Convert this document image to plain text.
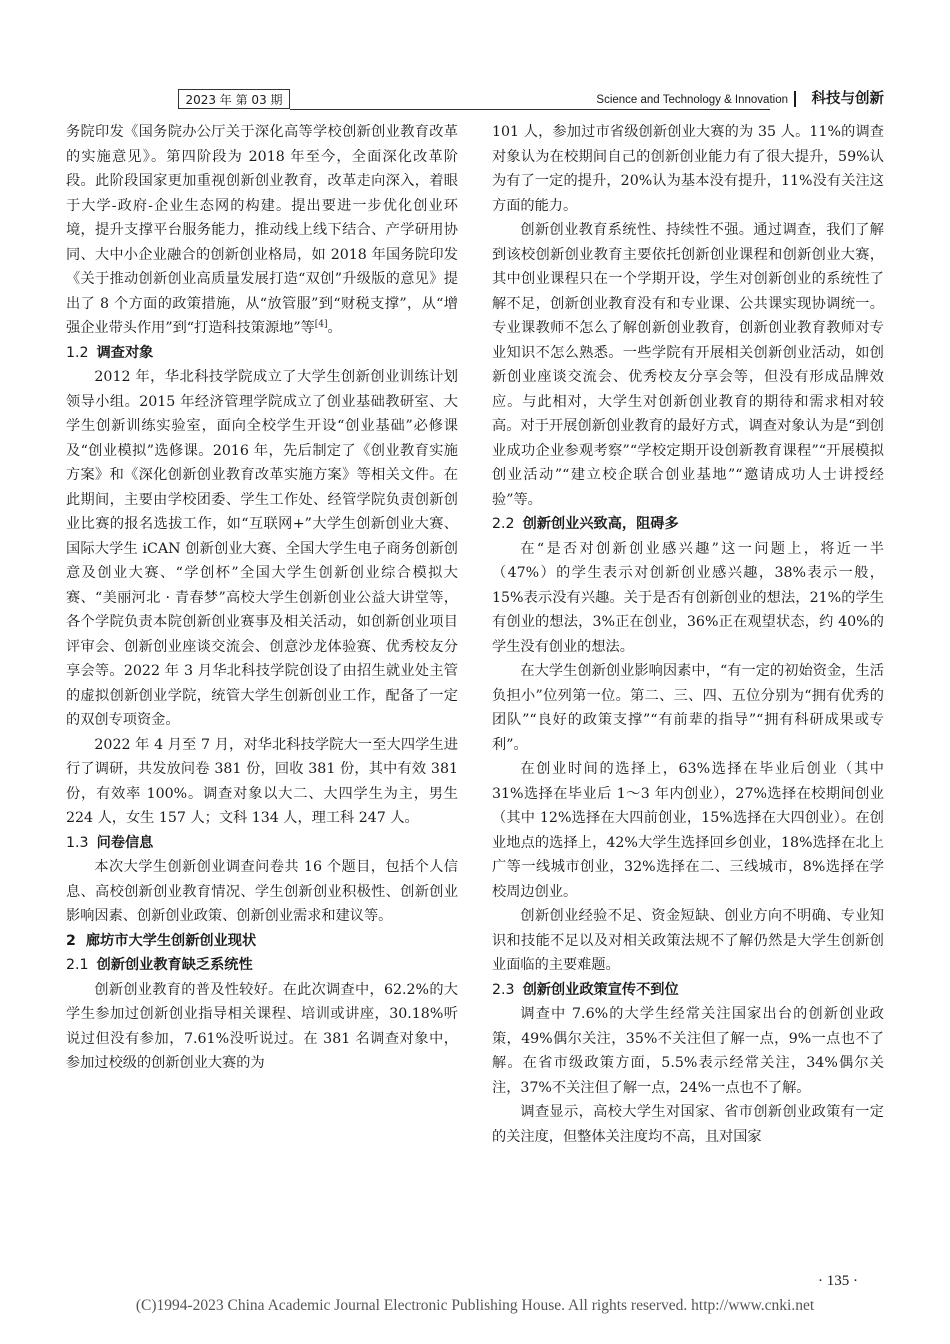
2023 年 第 03 期	Science and Technology & Innovation 科技与创新

务院印发《国务院办公厅关于深化高等学校创新创业教育改革的实施意见》。第四阶段为 2018 年至今，全面深化改革阶段。此阶段国家更加重视创新创业教育，改革走向深入，着眼于大学-政府-企业生态网的构建。提出要进一步优化创业环境，提升支撑平台服务能力，推动线上线下结合、产学研用协同、大中小企业融合的创新创业格局，如 2018 年国务院印发《关于推动创新创业高质量发展打造“双创”升级版的意见》提出了 8 个方面的政策措施，从“放管服”到“财税支撑”，从“增强企业带头作用”到“打造科技策源地”等[4]。

1.2 调查对象

2012 年，华北科技学院成立了大学生创新创业训练计划领导小组。2015 年经济管理学院成立了创业基础教研室、大学生创新训练实验室，面向全校学生开设“创业基础”必修课及“创业模拟”选修课。2016 年，先后制定了《创业教育实施方案》和《深化创新创业教育改革实施方案》等相关文件。在此期间，主要由学校团委、学生工作处、经管学院负责创新创业比赛的报名选拔工作，如“互联网+”大学生创新创业大赛、国际大学生 iCAN 创新创业大赛、全国大学生电子商务创新创意及创业大赛、“学创杯”全国大学生创新创业综合模拟大赛、“美丽河北 · 青春梦”高校大学生创新创业公益大讲堂等，各个学院负责本院创新创业赛事及相关活动，如创新创业项目评审会、创新创业座谈交流会、创意沙龙体验赛、优秀校友分享会等。2022 年 3 月华北科技学院创设了由招生就业处主管的虚拟创新创业学院，统管大学生创新创业工作，配备了一定的双创专项资金。

2022 年 4 月至 7 月，对华北科技学院大一至大四学生进行了调研，共发放问卷 381 份，回收 381 份，其中有效 381 份，有效率 100%。调查对象以大二、大四学生为主，男生 224 人，女生 157 人；文科 134 人，理工科 247 人。

1.3 问卷信息

本次大学生创新创业调查问卷共 16 个题目，包括个人信息、高校创新创业教育情况、学生创新创业积极性、创新创业影响因素、创新创业政策、创新创业需求和建议等。

2 廊坊市大学生创新创业现状
2.1 创新创业教育缺乏系统性

创新创业教育的普及性较好。在此次调查中，62.2%的大学生参加过创新创业指导相关课程、培训或讲座，30.18%听说过但没有参加，7.61%没听说过。在 381 名调查对象中，参加过校级的创新创业大赛的为

101 人，参加过市省级创新创业大赛的为 35 人。11%的调查对象认为在校期间自己的创新创业能力有了很大提升，59%认为有了一定的提升，20%认为基本没有提升，11%没有关注这方面的能力。

创新创业教育系统性、持续性不强。通过调查，我们了解到该校创新创业教育主要依托创新创业课程和创新创业大赛，其中创业课程只在一个学期开设，学生对创新创业的系统性了解不足，创新创业教育没有和专业课、公共课实现协调统一。专业课教师不怎么了解创新创业教育，创新创业教育教师对专业知识不怎么熟悉。一些学院有开展相关创新创业活动，如创新创业座谈交流会、优秀校友分享会等，但没有形成品牌效应。与此相对，大学生对创新创业教育的期待和需求相对较高。对于开展创新创业教育的最好方式，调查对象认为是“到创业成功企业参观考察”“学校定期开设创新教育课程”“开展模拟创业活动”“建立校企联合创业基地”“邀请成功人士讲授经验”等。

2.2 创新创业兴致高，阻碍多

在“是否对创新创业感兴趣”这一问题上，将近一半（47%）的学生表示对创新创业感兴趣，38%表示一般，15%表示没有兴趣。关于是否有创新创业的想法，21%的学生有创业的想法，3%正在创业，36%正在观望状态，约 40%的学生没有创业的想法。

在大学生创新创业影响因素中，“有一定的初始资金，生活负担小”位列第一位。第二、三、四、五位分别为“拥有优秀的团队”“良好的政策支撑”“有前辈的指导”“拥有科研成果或专利”。

在创业时间的选择上，63%选择在毕业后创业（其中 31%选择在毕业后 1～3 年内创业），27%选择在校期间创业（其中 12%选择在大四前创业，15%选择在大四创业）。在创业地点的选择上，42%大学生选择回乡创业，18%选择在北上广等一线城市创业，32%选择在二、三线城市，8%选择在学校周边创业。

创新创业经验不足、资金短缺、创业方向不明确、专业知识和技能不足以及对相关政策法规不了解仍然是大学生创新创业面临的主要难题。

2.3 创新创业政策宣传不到位

调查中 7.6%的大学生经常关注国家出台的创新创业政策，49%偶尔关注，35%不关注但了解一点，9%一点也不了解。在省市级政策方面，5.5%表示经常关注，34%偶尔关注，37%不关注但了解一点，24%一点也不了解。

调查显示，高校大学生对国家、省市创新创业政策有一定的关注度，但整体关注度均不高，且对国家

· 135 ·
(C)1994-2023 China Academic Journal Electronic Publishing House. All rights reserved. http://www.cnki.net
